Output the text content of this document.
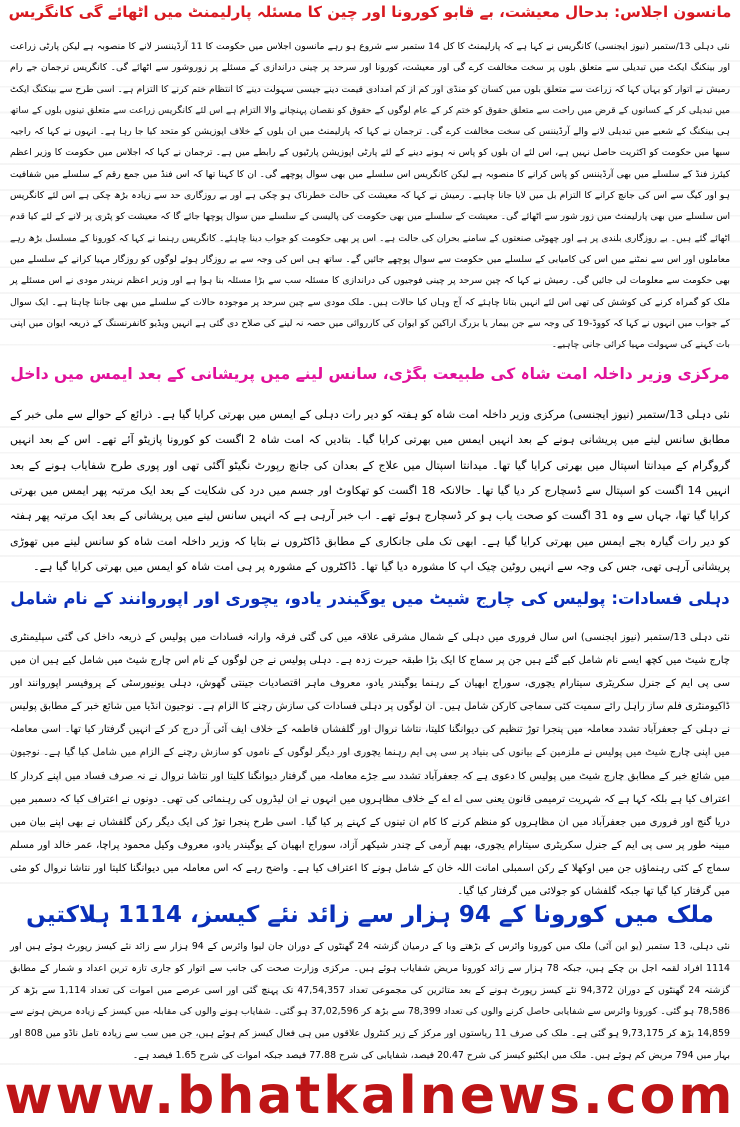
مانسون اجلاس: بدحال معیشت، بے قابو کورونا اور چین کا مسئلہ پارلیمنٹ میں اٹھائے گی کانگریس
نئی دہلی 13/ستمبر (نیوز ایجنسی) کانگریس نے کہا ہے کہ پارلیمنٹ کا کل 14 ستمبر سے شروع ہو رہے مانسون اجلاس میں حکومت کا 11 آرڈیننسز لانے کا منصوبہ ہے لیکن پارٹی زراعت اور بینکنگ ایکٹ میں تبدیلی سے متعلق بلوں پر سخت مخالفت کرے گی اور معیشت، کورونا اور سرحد پر چینی دراندازی کے مسئلے پر زوروشور سے اٹھائے گی۔ کانگریس ترجمان جے رام رمیش نے اتوار کو یہاں کہا کہ زراعت سے متعلق بلوں میں کسان کو منڈی اور کم از کم امدادی قیمت دینے جیسی سہولت دینے کا انتظام ختم کرنے کا التزام ہے۔ اسی طرح سے بینکنگ ایکٹ میں تبدیلی کر کے کسانوں کے قرض میں راحت سے متعلق حقوق کو ختم کر کے عام لوگوں کے حقوق کو نقصان پہنچانے والا التزام ہے اس لئے کانگریس زراعت سے متعلق تینوں بلوں کے ساتھ ہی بینکنگ کے شعبے میں تبدیلی لانے والے آرڈیننس کی سخت مخالفت کرے گی۔ ترجمان نے کہا کہ پارلیمنٹ میں ان بلوں کے خلاف اپوزیشن کو متحد کیا جا رہا ہے۔ انہوں نے کہا کہ راجیہ سبھا میں حکومت کو اکثریت حاصل نہیں ہے، اس لئے ان بلوں کو پاس نہ ہونے دینے کے لئے پارٹی اپوزیشن پارٹیوں کے رابطے میں ہے۔ ترجمان نے کہا کہ اجلاس میں حکومت کا وزیر اعظم کیئرز فنڈ کے سلسلے میں بھی آرڈیننس کو پاس کرانے کا منصوبہ ہے لیکن کانگریس اس سلسلے میں بھی سوال پوچھے گی۔ ان کا کہنا تھا کہ اس فنڈ میں جمع رقم کے سلسلے میں شفافیت ہو اور کیگ سے اس کی جانچ کرانے کا التزام بل میں لایا جانا چاہیے۔ رمیش نے کہا کہ معیشت کی حالت خطرناک ہو چکی ہے اور بے روزگاری حد سے زیادہ بڑھ چکی ہے اس لئے کانگریس اس سلسلے میں بھی پارلیمنٹ میں زور شور سے اٹھائے گی۔ معیشت کے سلسلے میں بھی حکومت کی پالیسی کے سلسلے میں سوال پوچھا جائے گا کہ معیشت کو پٹری پر لانے کے لئے کیا قدم اٹھائے گئے ہیں۔ بے روزگاری بلندی پر ہے اور چھوٹی صنعتوں کے سامنے بحران کی حالت ہے۔ اس پر بھی حکومت کو جواب دینا چاہئے۔ کانگریس رہنما نے کہا کہ کورونا کے مسلسل بڑھ رہے معاملوں اور اس سے نمٹنے میں اس کی کامیابی کے سلسلے میں حکومت سے سوال پوچھے جائیں گے۔ ساتھ ہی اس کی وجہ سے بے روزگار ہوئے لوگوں کو روزگار مہیا کرانے کے سلسلے میں بھی حکومت سے معلومات لی جائیں گی۔ رمیش نے کہا کہ چین سرحد پر چینی فوجیوں کی دراندازی کا مسئلہ سب سے بڑا مسئلہ بنا ہوا ہے اور وزیر اعظم نریندر مودی نے اس مسئلے پر ملک کو گمراہ کرنے کی کوشش کی تھی اس لئے انہیں بتانا چاہئے کہ آج وہاں کیا حالات ہیں۔ ملک مودی سے چین سرحد پر موجودہ حالات کے سلسلے میں بھی جاننا چاہتا ہے۔ ایک سوال کے جواب میں انہوں نے کہا کہ کووڈ-19 کی وجہ سے جن بیمار یا بزرگ اراکین کو ایوان کی کارروائی میں حصہ نہ لینے کی صلاح دی گئی ہے انہیں ویڈیو کانفرنسنگ کے ذریعہ ایوان میں اپنی بات کہنے کی سہولت مہیا کرائی جانی چاہیے۔
مرکزی وزیر داخلہ امت شاہ کی طبیعت بگڑی، سانس لینے میں پریشانی کے بعد ایمس میں داخل
نئی دہلی 13/ستمبر (نیوز ایجنسی) مرکزی وزیر داخلہ امت شاہ کو ہفتہ کو دیر رات دہلی کے ایمس میں بھرتی کرایا گیا ہے۔ ذرائع کے حوالے سے ملی خبر کے مطابق سانس لینے میں پریشانی ہونے کے بعد انہیں ایمس میں بھرتی کرایا گیا۔ بتادیں کہ امت شاہ 2 اگست کو کورونا پازیٹو آئے تھے۔ اس کے بعد انہیں گروگرام کے میدانتا اسپتال میں بھرتی کرایا گیا تھا۔ میدانتا اسپتال میں علاج کے بعدان کی جانچ رپورٹ نگیٹو آگئی تھی اور پوری طرح شفایاب ہونے کے بعد انہیں 14 اگست کو اسپتال سے ڈسچارج کر دیا گیا تھا۔ حالانکہ 18 اگست کو تھکاوٹ اور جسم میں درد کی شکایت کے بعد ایک مرتبہ پھر ایمس میں بھرتی کرایا گیا تھا، جہاں سے وہ 31 اگست کو صحت یاب ہو کر ڈسچارج ہوئے تھے۔ اب خبر آرہی ہے کہ انہیں سانس لینے میں پریشانی کے بعد ایک مرتبہ پھر ہفتہ کو دیر رات گیارہ بجے ایمس میں بھرتی کرایا گیا ہے۔ ابھی تک ملی جانکاری کے مطابق ڈاکٹروں نے بتایا کہ وزیر داخلہ امت شاہ کو سانس لینے میں تھوڑی پریشانی آرہی تھی، جس کی وجہ سے انہیں روٹین چیک اپ کا مشورہ دیا گیا تھا۔ ڈاکٹروں کے مشورہ پر ہی امت شاہ کو ایمس میں بھرتی کرایا گیا ہے۔
دہلی فسادات: پولیس کی چارج شیٹ میں یوگیندر یادو، یچوری اور اپوروانند کے نام شامل
نئی دہلی 13/ستمبر (نیوز ایجنسی) اس سال فروری میں دہلی کے شمال مشرقی علاقہ میں کی گئی فرقہ وارانہ فسادات میں پولیس کے ذریعہ داخل کی گئی سپلیمنٹری چارج شیٹ میں کچھ ایسے نام شامل کیے گئے ہیں جن پر سماج کا ایک بڑا طبقہ حیرت زدہ ہے۔ دہلی پولیس نے جن لوگوں کے نام اس چارج شیٹ میں شامل کیے ہیں ان میں سی پی ایم کے جنرل سکریٹری سیتارام یچوری، سوراج ابھیان کے رہنما یوگیندر یادو، معروف ماہر اقتصادیات جینتی گھوش، دہلی یونیورسٹی کے پروفیسر اپوروانند اور ڈاکیومنٹری فلم ساز راہل رائے سمیت کئی سماجی کارکن شامل ہیں۔ ان لوگوں پر دہلی فسادات کی سازش رچنے کا الزام ہے۔ نوجیون انڈیا میں شائع خبر کے مطابق پولیس نے دہلی کے جعفرآباد تشدد معاملہ میں پنجرا توڑ تنظیم کی دیوانگنا کلیتا، نتاشا نروال اور گلفشاں فاطمہ کے خلاف ایف آئی آر درج کر کے انہیں گرفتار کیا تھا۔ اسی معاملہ میں اپنی چارج شیٹ میں پولیس نے ملزمین کے بیانوں کی بنیاد پر سی پی ایم رہنما یچوری اور دیگر لوگوں کے ناموں کو سازش رچنے کے الزام میں شامل کیا گیا ہے۔ نوجیون میں شائع خبر کے مطابق چارج شیٹ میں پولیس کا دعوی ہے کہ جعفرآباد تشدد سے جڑے معاملہ میں گرفتار دیوانگنا کلیتا اور نتاشا نروال نے نہ صرف فساد میں اپنے کردار کا اعتراف کیا ہے بلکہ کہا ہے کہ شہریت ترمیمی قانون یعنی سی اے اے کے خلاف مظاہروں میں انہوں نے ان لیڈروں کی رہنمائی کی تھی۔ دونوں نے اعتراف کیا کہ دسمبر میں دریا گنج اور فروری میں جعفرآباد میں ان مظاہروں کو منظم کرنے کا کام ان تینوں کے کہنے پر کیا گیا۔ اسی طرح پنجرا توڑ کی ایک دیگر رکن گلفشاں نے بھی اپنے بیان میں مبینہ طور پر سی پی ایم کے جنرل سکریٹری سیتارام یچوری، بھیم آرمی کے چندر شیکھر آزاد، سوراج ابھیان کے یوگیندر یادو، معروف وکیل محمود پراچا، عمر خالد اور مسلم سماج کے کئی رہنماؤں جن میں اوکھلا کے رکن اسمبلی امانت اللہ خان کے شامل ہونے کا اعتراف کیا ہے۔ واضح رہے کہ اس معاملہ میں دیوانگنا کلیتا اور نتاشا نروال کو مئی میں گرفتار کیا گیا تھا جبکہ گلفشاں کو جولائی میں گرفتار کیا گیا۔
ملک میں کورونا کے 94 ہزار سے زائد نئے کیسز، 1114 ہلاکتیں
نئی دہلی، 13 ستمبر (یو این آئی) ملک میں کورونا وائرس کے بڑھتے وبا کے درمیان گزشتہ 24 گھنٹوں کے دوران جان لیوا وائرس کے 94 ہزار سے زائد نئے کیسز رپورٹ ہوئے ہیں اور 1114 افراد لقمہ اجل بن چکے ہیں، جبکہ 78 ہزار سے زائد کورونا مریض شفایاب ہوئے ہیں۔ مرکزی وزارت صحت کی جانب سے اتوار کو جاری تازہ ترین اعداد و شمار کے مطابق گزشتہ 24 گھنٹوں کے دوران 94,372 نئے کیسز رپورٹ ہونے کے بعد متاثرین کی مجموعی تعداد 47,54,357 تک پہنچ گئی اور اسی عرصے میں اموات کی تعداد 1,114 سے بڑھ کر 78,586 ہو گئی۔ کورونا وائرس سے شفایابی حاصل کرنے والوں کی تعداد 78,399 سے بڑھ کر 37,02,596 ہو گئی۔ شفایاب ہونے والوں کی مقابلہ میں کیسز کے زیادہ مریض ہونے سے 14,859 بڑھ کر 9,73,175 ہو گئی ہے۔ ملک کی صرف 11 ریاستوں اور مرکز کے زیر کنٹرول علاقوں میں ہی فعال کیسز کم ہوئے ہیں، جن میں سب سے زیادہ تامل ناڈو میں 808 اور بہار میں 794 مریض کم ہوئے ہیں۔ ملک میں ایکٹیو کیسز کی شرح 20.47 فیصد، شفایابی کی شرح 77.88 فیصد جبکہ اموات کی شرح 1.65 فیصد ہے۔
www.bhatkalnews.com
